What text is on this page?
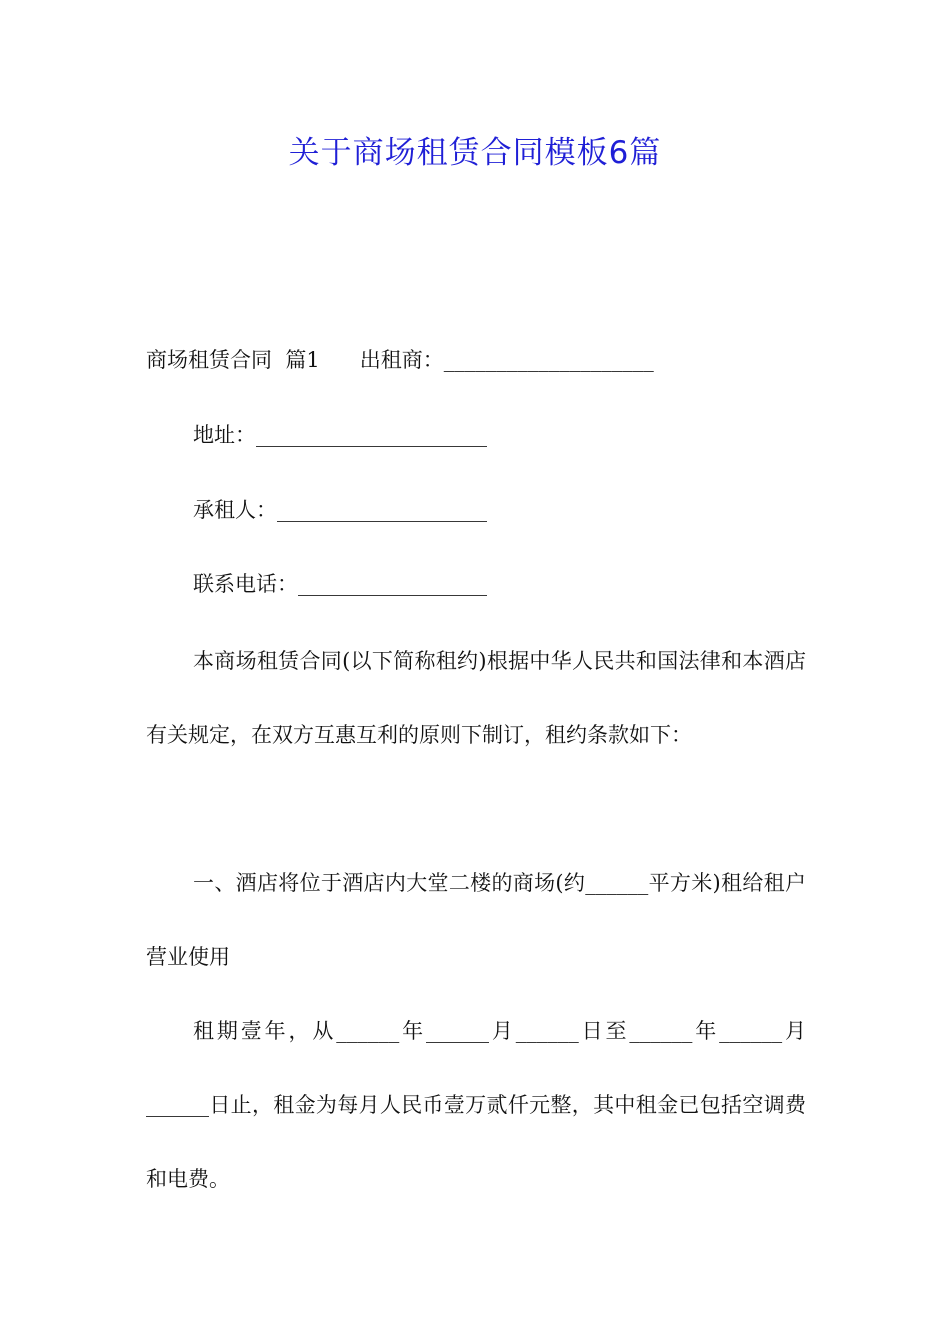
关于商场租赁合同模板6篇
商场租赁合同  篇1      出租商：____________________
地址：______________________
承租人：____________________
联系电话：__________________
本商场租赁合同(以下简称租约)根据中华人民共和国法律和本酒店有关规定，在双方互惠互利的原则下制订，租约条款如下：
一、酒店将位于酒店内大堂二楼的商场(约______平方米)租给租户营业使用
租期壹年，从______年______月______日至______年______月______日止，租金为每月人民币壹万贰仟元整，其中租金已包括空调费和电费。
